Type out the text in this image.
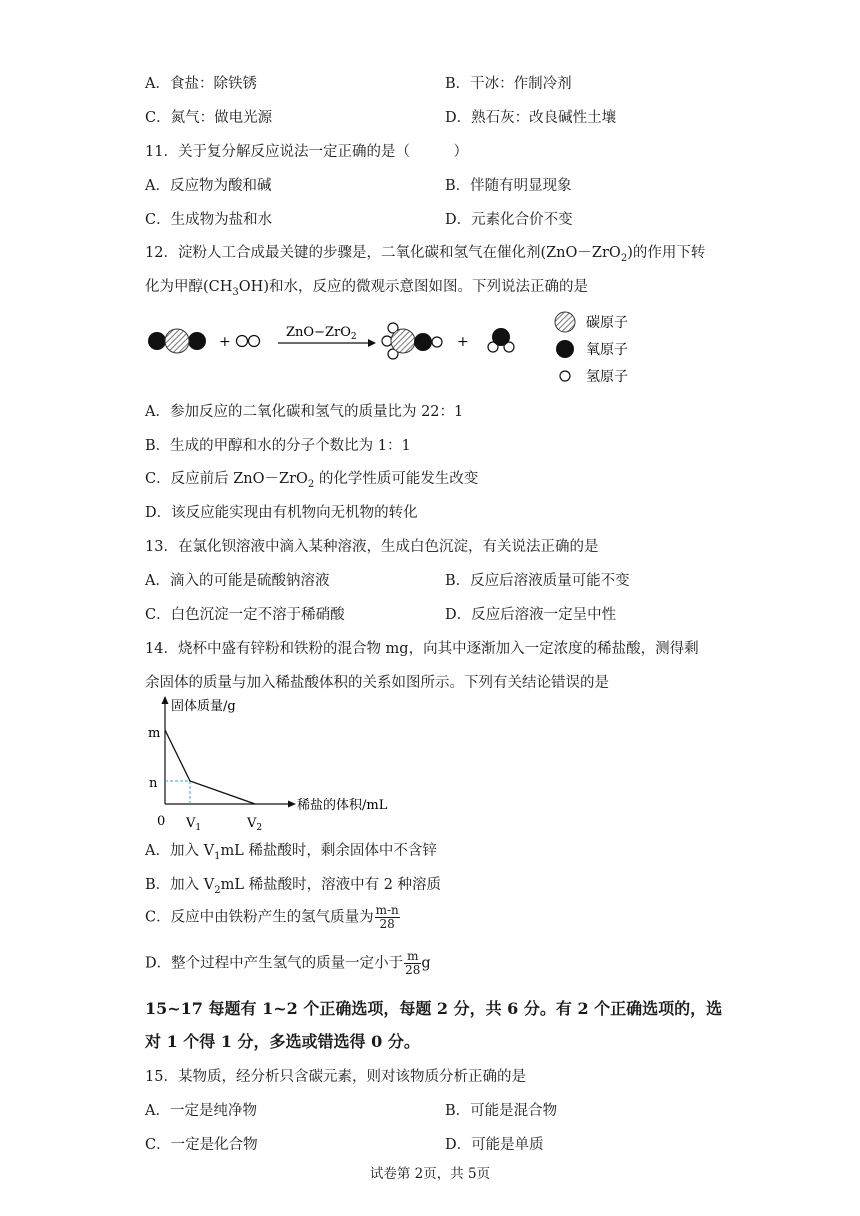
A．食盐：除铁锈	B．干冰：作制冷剂
C．氮气：做电光源	D．熟石灰：改良碱性土壤
11．关于复分解反应说法一定正确的是（　　　）
A．反应物为酸和碱	B．伴随有明显现象
C．生成物为盐和水	D．元素化合价不变
12．淀粉人工合成最关键的步骤是，二氧化碳和氢气在催化剂(ZnO－ZrO$_2$)的作用下转
化为甲醇$(CH_3OH)$和水，反应的微观示意图如图。下列说法正确的是
+
ZnO−ZrO$_2$	+
碳原子
氧原子
氢原子
A．参加反应的二氧化碳和氢气的质量比为 22：1
B．生成的甲醇和水的分子个数比为 1：1
C．反应前后 ZnO－ZrO$_2$ 的化学性质可能发生改变
D．该反应能实现由有机物向无机物的转化
13．在氯化钡溶液中滴入某种溶液，生成白色沉淀，有关说法正确的是
A．滴入的可能是硫酸钠溶液	B．反应后溶液质量可能不变
C．白色沉淀一定不溶于稀硝酸	D．反应后溶液一定呈中性
14．烧杯中盛有锌粉和铁粉的混合物 mg，向其中逐渐加入一定浓度的稀盐酸，测得剩
余固体的质量与加入稀盐酸体积的关系如图所示。下列有关结论错误的是
固体质量/g
稀盐的体积/mL
0
m
n
$V_1$	$V_2$
A．加入 $V_1mL$ 稀盐酸时，剩余固体中不含锌
B．加入 $V_2mL$ 稀盐酸时，溶液中有 2 种溶质
C．反应中由铁粉产生的氢气质量为 $\frac{m-n}{28}$
D．整个过程中产生氢气的质量一定小于 $\frac{m}{28}$ g
15~17 每题有 1~2 个正确选项，每题 2 分，共 6 分。有 2 个正确选项的，选
对 1 个得 1 分，多选或错选得 0 分。
15．某物质，经分析只含碳元素，则对该物质分析正确的是
A．一定是纯净物	B．可能是混合物
C．一定是化合物	D．可能是单质
试卷第 2页，共 5页
